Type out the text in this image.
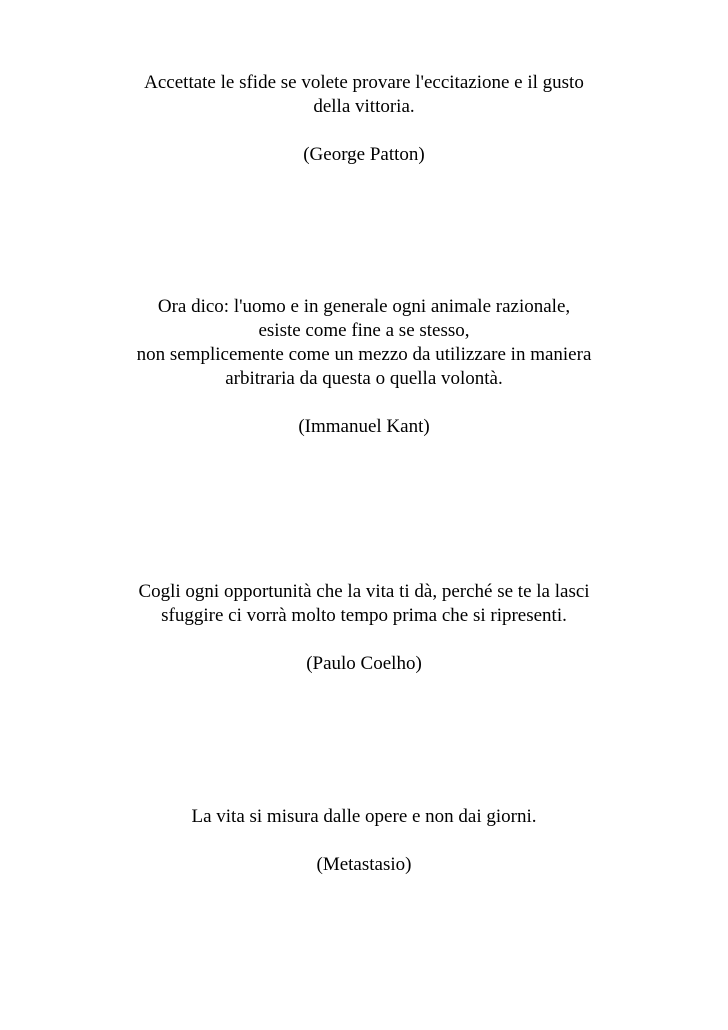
Accettate le sfide se volete provare l'eccitazione e il gusto
della vittoria.
(George Patton)
Ora dico: l'uomo e in generale ogni animale razionale,
esiste come fine a se stesso,
non semplicemente come un mezzo da utilizzare in maniera
arbitraria da questa o quella volontà.
(Immanuel Kant)
Cogli ogni opportunità che la vita ti dà, perché se te la lasci
sfuggire ci vorrà molto tempo prima che si ripresenti.
(Paulo Coelho)
La vita si misura dalle opere e non dai giorni.
(Metastasio)
